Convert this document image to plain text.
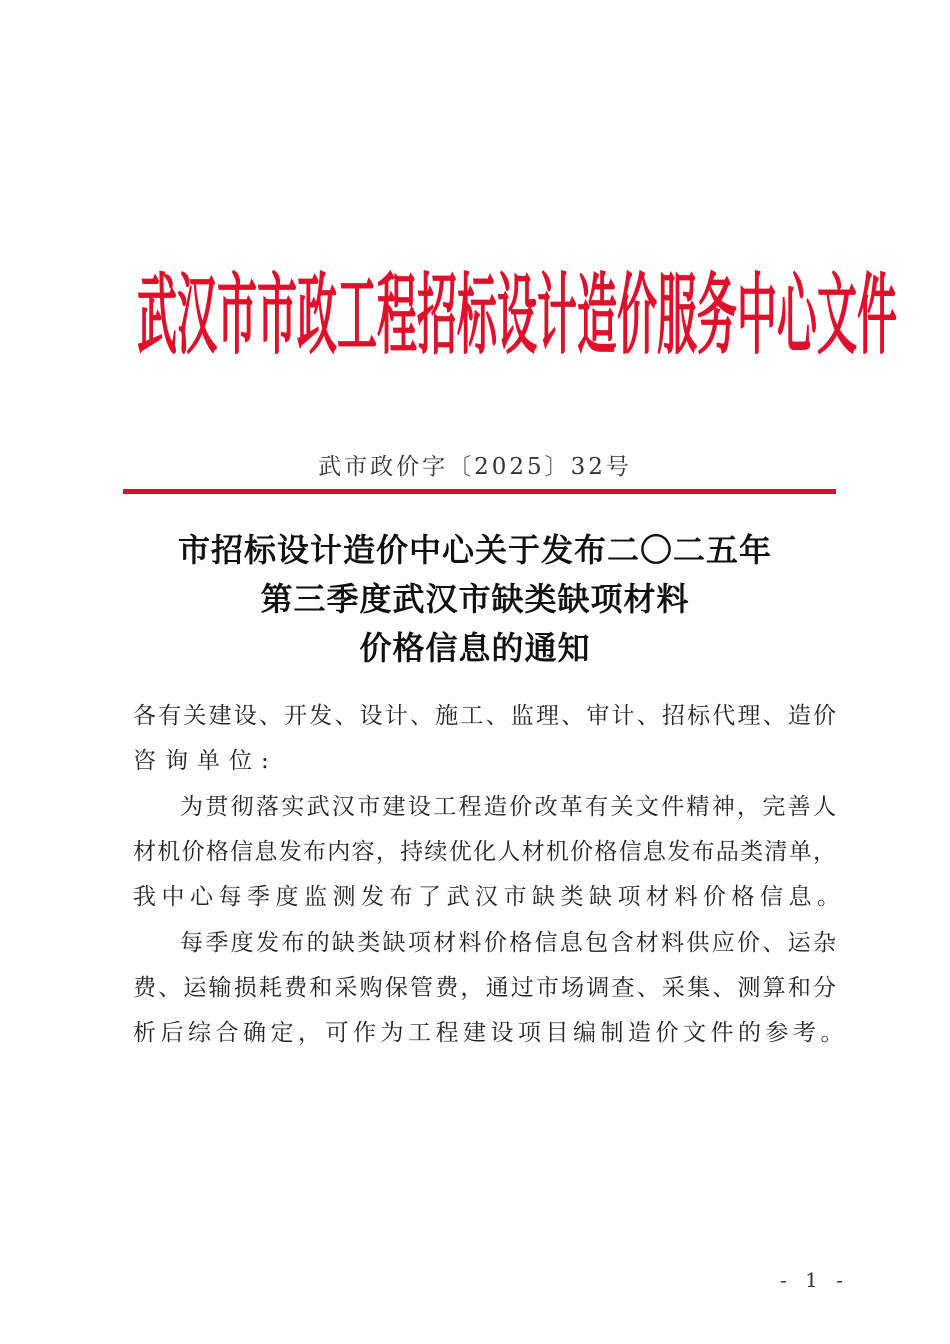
武 汉 市 市 政 工 程 招 标 设 计 造 价 服 务 中 心 文 件
武市政价字〔2025〕32号
市招标设计造价中心关于发布二〇二五年
第三季度武汉市缺类缺项材料
价格信息的通知
各有关建设、开发、设计、施工、监理、审计、招标代理、造价
咨询单位:
为贯彻落实武汉市建设工程造价改革有关文件精神，完善人
材机价格信息发布内容，持续优化人材机价格信息发布品类清单，
我中心每季度监测发布了武汉市缺类缺项材料价格信息。
每季度发布的缺类缺项材料价格信息包含材料供应价、运杂
费、运输损耗费和采购保管费，通过市场调查、采集、测算和分
析后综合确定，可作为工程建设项目编制造价文件的参考。
- 1 -
